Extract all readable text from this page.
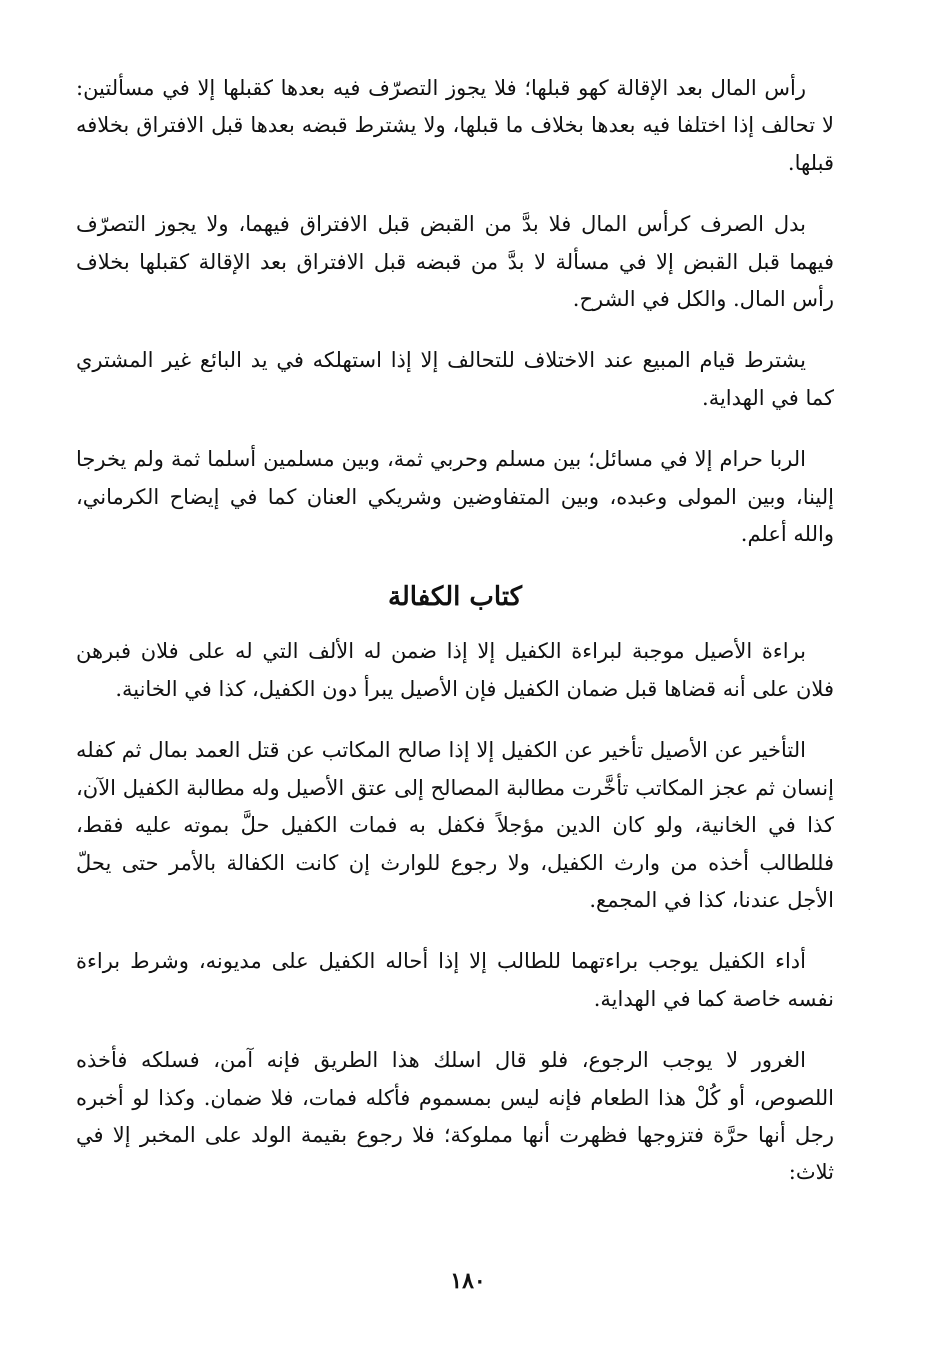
رأس المال بعد الإقالة كهو قبلها؛ فلا يجوز التصرّف فيه بعدها كقبلها إلا في مسألتين: لا تحالف إذا اختلفا فيه بعدها بخلاف ما قبلها، ولا يشترط قبضه بعدها قبل الافتراق بخلافه قبلها.

بدل الصرف كرأس المال فلا بدَّ من القبض قبل الافتراق فيهما، ولا يجوز التصرّف فيهما قبل القبض إلا في مسألة لا بدَّ من قبضه قبل الافتراق بعد الإقالة كقبلها بخلاف رأس المال. والكل في الشرح.

يشترط قيام المبيع عند الاختلاف للتحالف إلا إذا استهلكه في يد البائع غير المشتري كما في الهداية.

الربا حرام إلا في مسائل؛ بين مسلم وحربي ثمة، وبين مسلمين أسلما ثمة ولم يخرجا إلينا، وبين المولى وعبده، وبين المتفاوضين وشريكي العنان كما في إيضاح الكرماني، والله أعلم.

كتاب الكفالة

براءة الأصيل موجبة لبراءة الكفيل إلا إذا ضمن له الألف التي له على فلان فبرهن فلان على أنه قضاها قبل ضمان الكفيل فإن الأصيل يبرأ دون الكفيل، كذا في الخانية.

التأخير عن الأصيل تأخير عن الكفيل إلا إذا صالح المكاتب عن قتل العمد بمال ثم كفله إنسان ثم عجز المكاتب تأخَّرت مطالبة المصالح إلى عتق الأصيل وله مطالبة الكفيل الآن، كذا في الخانية، ولو كان الدين مؤجلاً فكفل به فمات الكفيل حلَّ بموته عليه فقط، فللطالب أخذه من وارث الكفيل، ولا رجوع للوارث إن كانت الكفالة بالأمر حتى يحلّ الأجل عندنا، كذا في المجمع.

أداء الكفيل يوجب براءتهما للطالب إلا إذا أحاله الكفيل على مديونه، وشرط براءة نفسه خاصة كما في الهداية.

الغرور لا يوجب الرجوع، فلو قال اسلك هذا الطريق فإنه آمن، فسلكه فأخذه اللصوص، أو كُلْ هذا الطعام فإنه ليس بمسموم فأكله فمات، فلا ضمان. وكذا لو أخبره رجل أنها حرَّة فتزوجها فظهرت أنها مملوكة؛ فلا رجوع بقيمة الولد على المخبر إلا في ثلاث:

١٨٠
